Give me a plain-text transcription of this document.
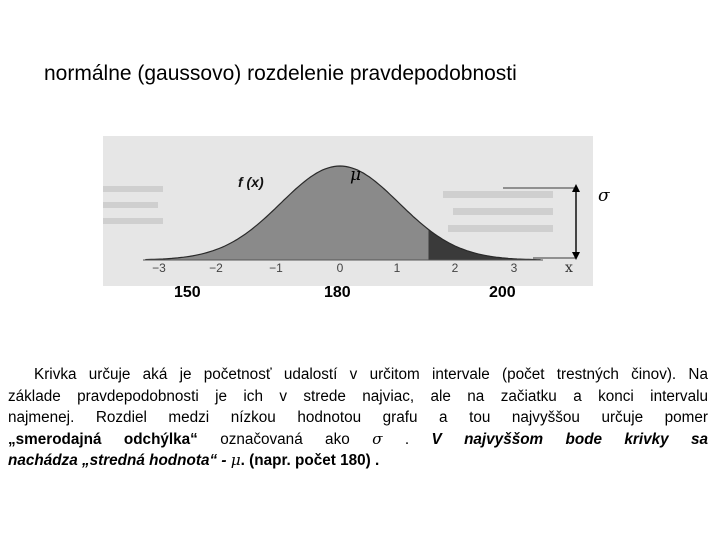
normálne (gaussovo) rozdelenie pravdepodobnosti
−3	−2	−1	0	1	2	3	x
f (x)	μ
σ
150	180	200
Krivka určuje aká je početnosť udalostí v určitom intervale (počet trestných činov). Na
základe pravdepodobnosti je ich v strede najviac, ale na začiatku a konci intervalu
najmenej. Rozdiel medzi nízkou hodnotou grafu a tou najvyššou určuje pomer
„smerodajná odchýlka“ označovaná ako σ . V najvyššom bode krivky sa
nachádza „stredná hodnota“ - μ. (napr. počet 180) .
